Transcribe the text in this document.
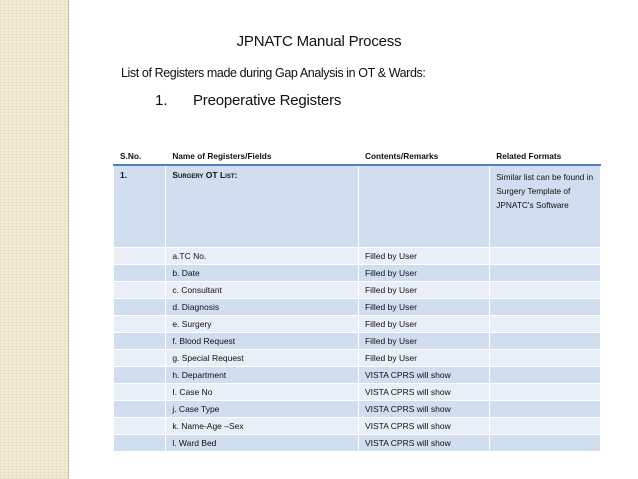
JPNATC Manual Process
List of Registers made during Gap Analysis in OT & Wards:
1. Preoperative Registers
S.No.	Name of Registers/Fields	Contents/Remarks	Related Formats
1.	Surgery OT List:		Similar list can be found in Surgery Template of JPNATC's Software
	a.TC No.	Filled by User	
	b. Date	Filled by User	
	c. Consultant	Filled by User	
	d. Diagnosis	Filled by User	
	e. Surgery	Filled by User	
	f. Blood Request	Filled by User	
	g. Special Request	Filled by User	
	h. Department	VISTA CPRS will show	
	I. Case No	VISTA CPRS will show	
	j. Case Type	VISTA CPRS will show	
	k. Name-Age –Sex	VISTA CPRS will show	
	l. Ward Bed	VISTA CPRS will show	
